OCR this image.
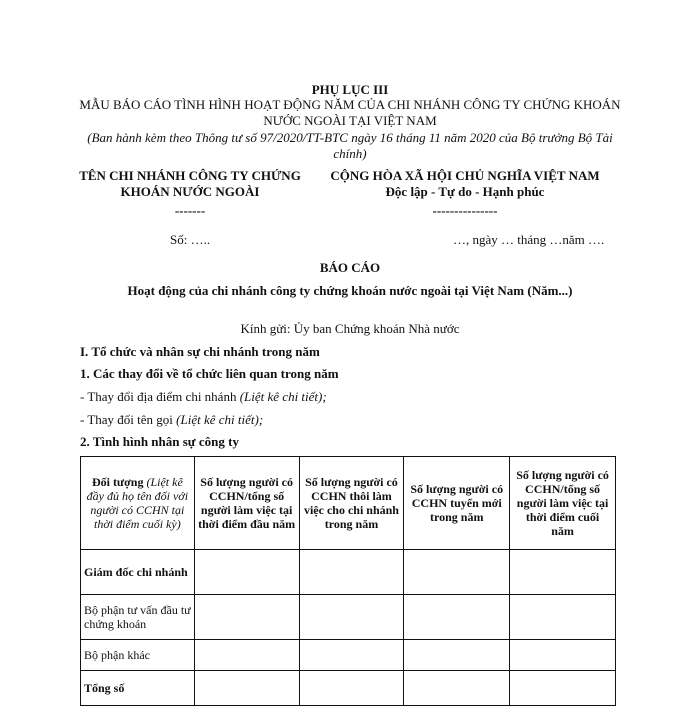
PHỤ LỤC III
MẪU BÁO CÁO TÌNH HÌNH HOẠT ĐỘNG NĂM CỦA CHI NHÁNH CÔNG TY CHỨNG KHOÁN NƯỚC NGOÀI TẠI VIỆT NAM
(Ban hành kèm theo Thông tư số 97/2020/TT-BTC ngày 16 tháng 11 năm 2020 của Bộ trưởng Bộ Tài chính)
TÊN CHI NHÁNH CÔNG TY CHỨNG KHOÁN NƯỚC NGOÀI
-------
CỘNG HÒA XÃ HỘI CHỦ NGHĨA VIỆT NAM
Độc lập - Tự do - Hạnh phúc
---------------
Số: …..	…, ngày … tháng …năm ….
BÁO CÁO
Hoạt động của chi nhánh công ty chứng khoán nước ngoài tại Việt Nam (Năm...)
Kính gửi: Ủy ban Chứng khoán Nhà nước
I. Tổ chức và nhân sự chi nhánh trong năm
1. Các thay đổi về tổ chức liên quan trong năm
- Thay đổi địa điểm chi nhánh (Liệt kê chi tiết);
- Thay đổi tên gọi (Liệt kê chi tiết);
2. Tình hình nhân sự công ty
Đối tượng (Liệt kê đầy đủ họ tên đối với người có CCHN tại thời điểm cuối kỳ)	Số lượng người có CCHN/tổng số người làm việc tại thời điểm đầu năm	Số lượng người có CCHN thôi làm việc cho chi nhánh trong năm	Số lượng người có CCHN tuyển mới trong năm	Số lượng người có CCHN/tổng số người làm việc tại thời điểm cuối năm
Giám đốc chi nhánh				
Bộ phận tư vấn đầu tư chứng khoán				
Bộ phận khác				
Tổng số				
